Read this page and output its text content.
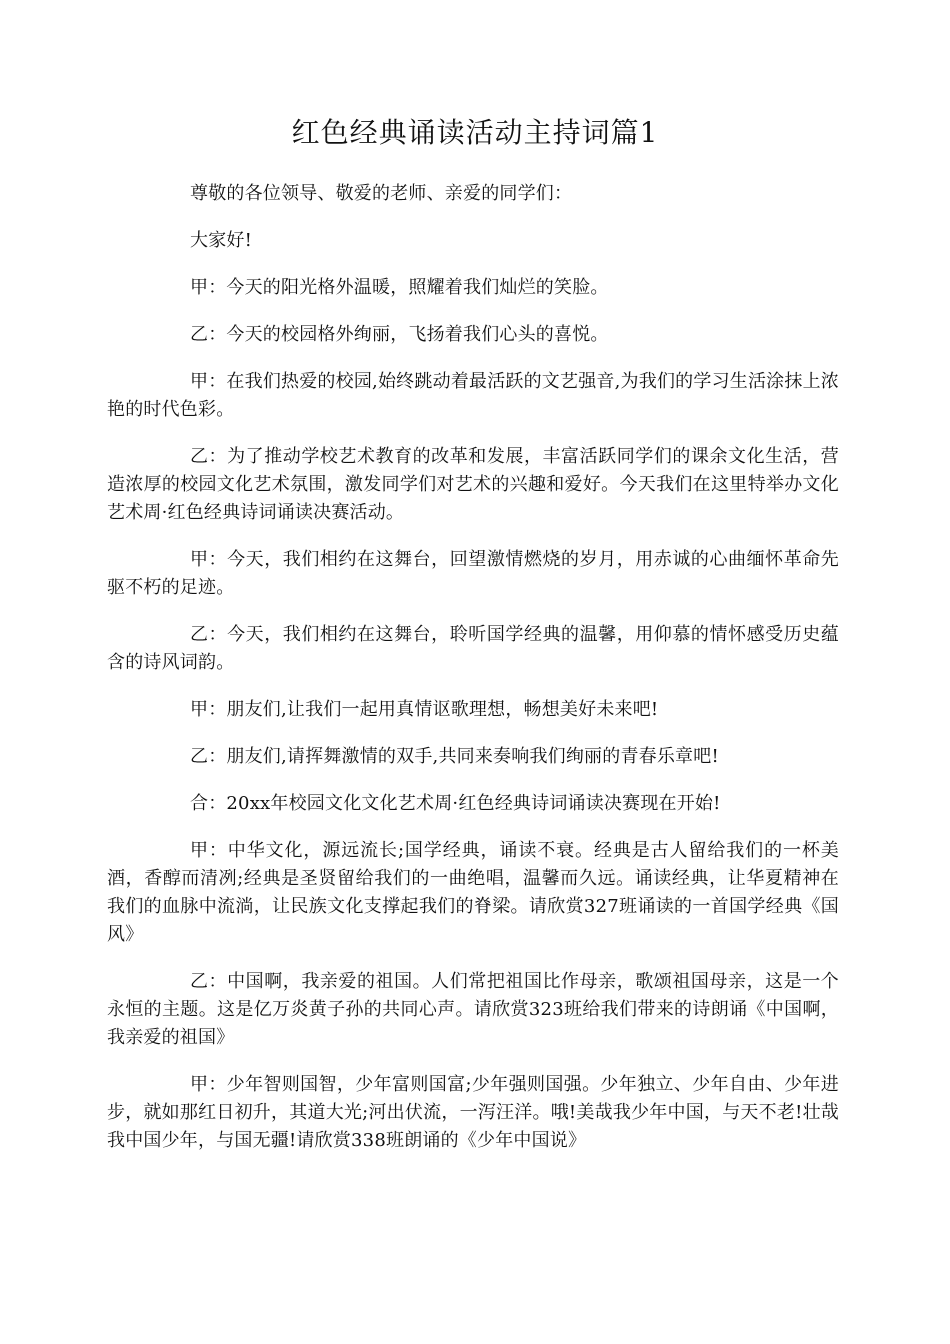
红色经典诵读活动主持词篇1

尊敬的各位领导、敬爱的老师、亲爱的同学们：

大家好!

甲：今天的阳光格外温暖，照耀着我们灿烂的笑脸。

乙：今天的校园格外绚丽，飞扬着我们心头的喜悦。

甲：在我们热爱的校园,始终跳动着最活跃的文艺强音,为我们的学习生活涂抹上浓艳的时代色彩。

乙：为了推动学校艺术教育的改革和发展，丰富活跃同学们的课余文化生活，营造浓厚的校园文化艺术氛围，激发同学们对艺术的兴趣和爱好。今天我们在这里特举办文化艺术周·红色经典诗词诵读决赛活动。

甲：今天，我们相约在这舞台，回望激情燃烧的岁月，用赤诚的心曲缅怀革命先驱不朽的足迹。

乙：今天，我们相约在这舞台，聆听国学经典的温馨，用仰慕的情怀感受历史蕴含的诗风词韵。

甲：朋友们,让我们一起用真情讴歌理想，畅想美好未来吧!

乙：朋友们,请挥舞激情的双手,共同来奏响我们绚丽的青春乐章吧!

合：20xx年校园文化文化艺术周·红色经典诗词诵读决赛现在开始!

甲：中华文化，源远流长;国学经典，诵读不衰。经典是古人留给我们的一杯美酒，香醇而清冽;经典是圣贤留给我们的一曲绝唱，温馨而久远。诵读经典，让华夏精神在我们的血脉中流淌，让民族文化支撑起我们的脊梁。请欣赏327班诵读的一首国学经典《国风》

乙：中国啊，我亲爱的祖国。人们常把祖国比作母亲，歌颂祖国母亲，这是一个永恒的主题。这是亿万炎黄子孙的共同心声。请欣赏323班给我们带来的诗朗诵《中国啊，我亲爱的祖国》

甲：少年智则国智，少年富则国富;少年强则国强。少年独立、少年自由、少年进步，就如那红日初升，其道大光;河出伏流，一泻汪洋。哦!美哉我少年中国，与天不老!壮哉我中国少年，与国无疆!请欣赏338班朗诵的《少年中国说》
